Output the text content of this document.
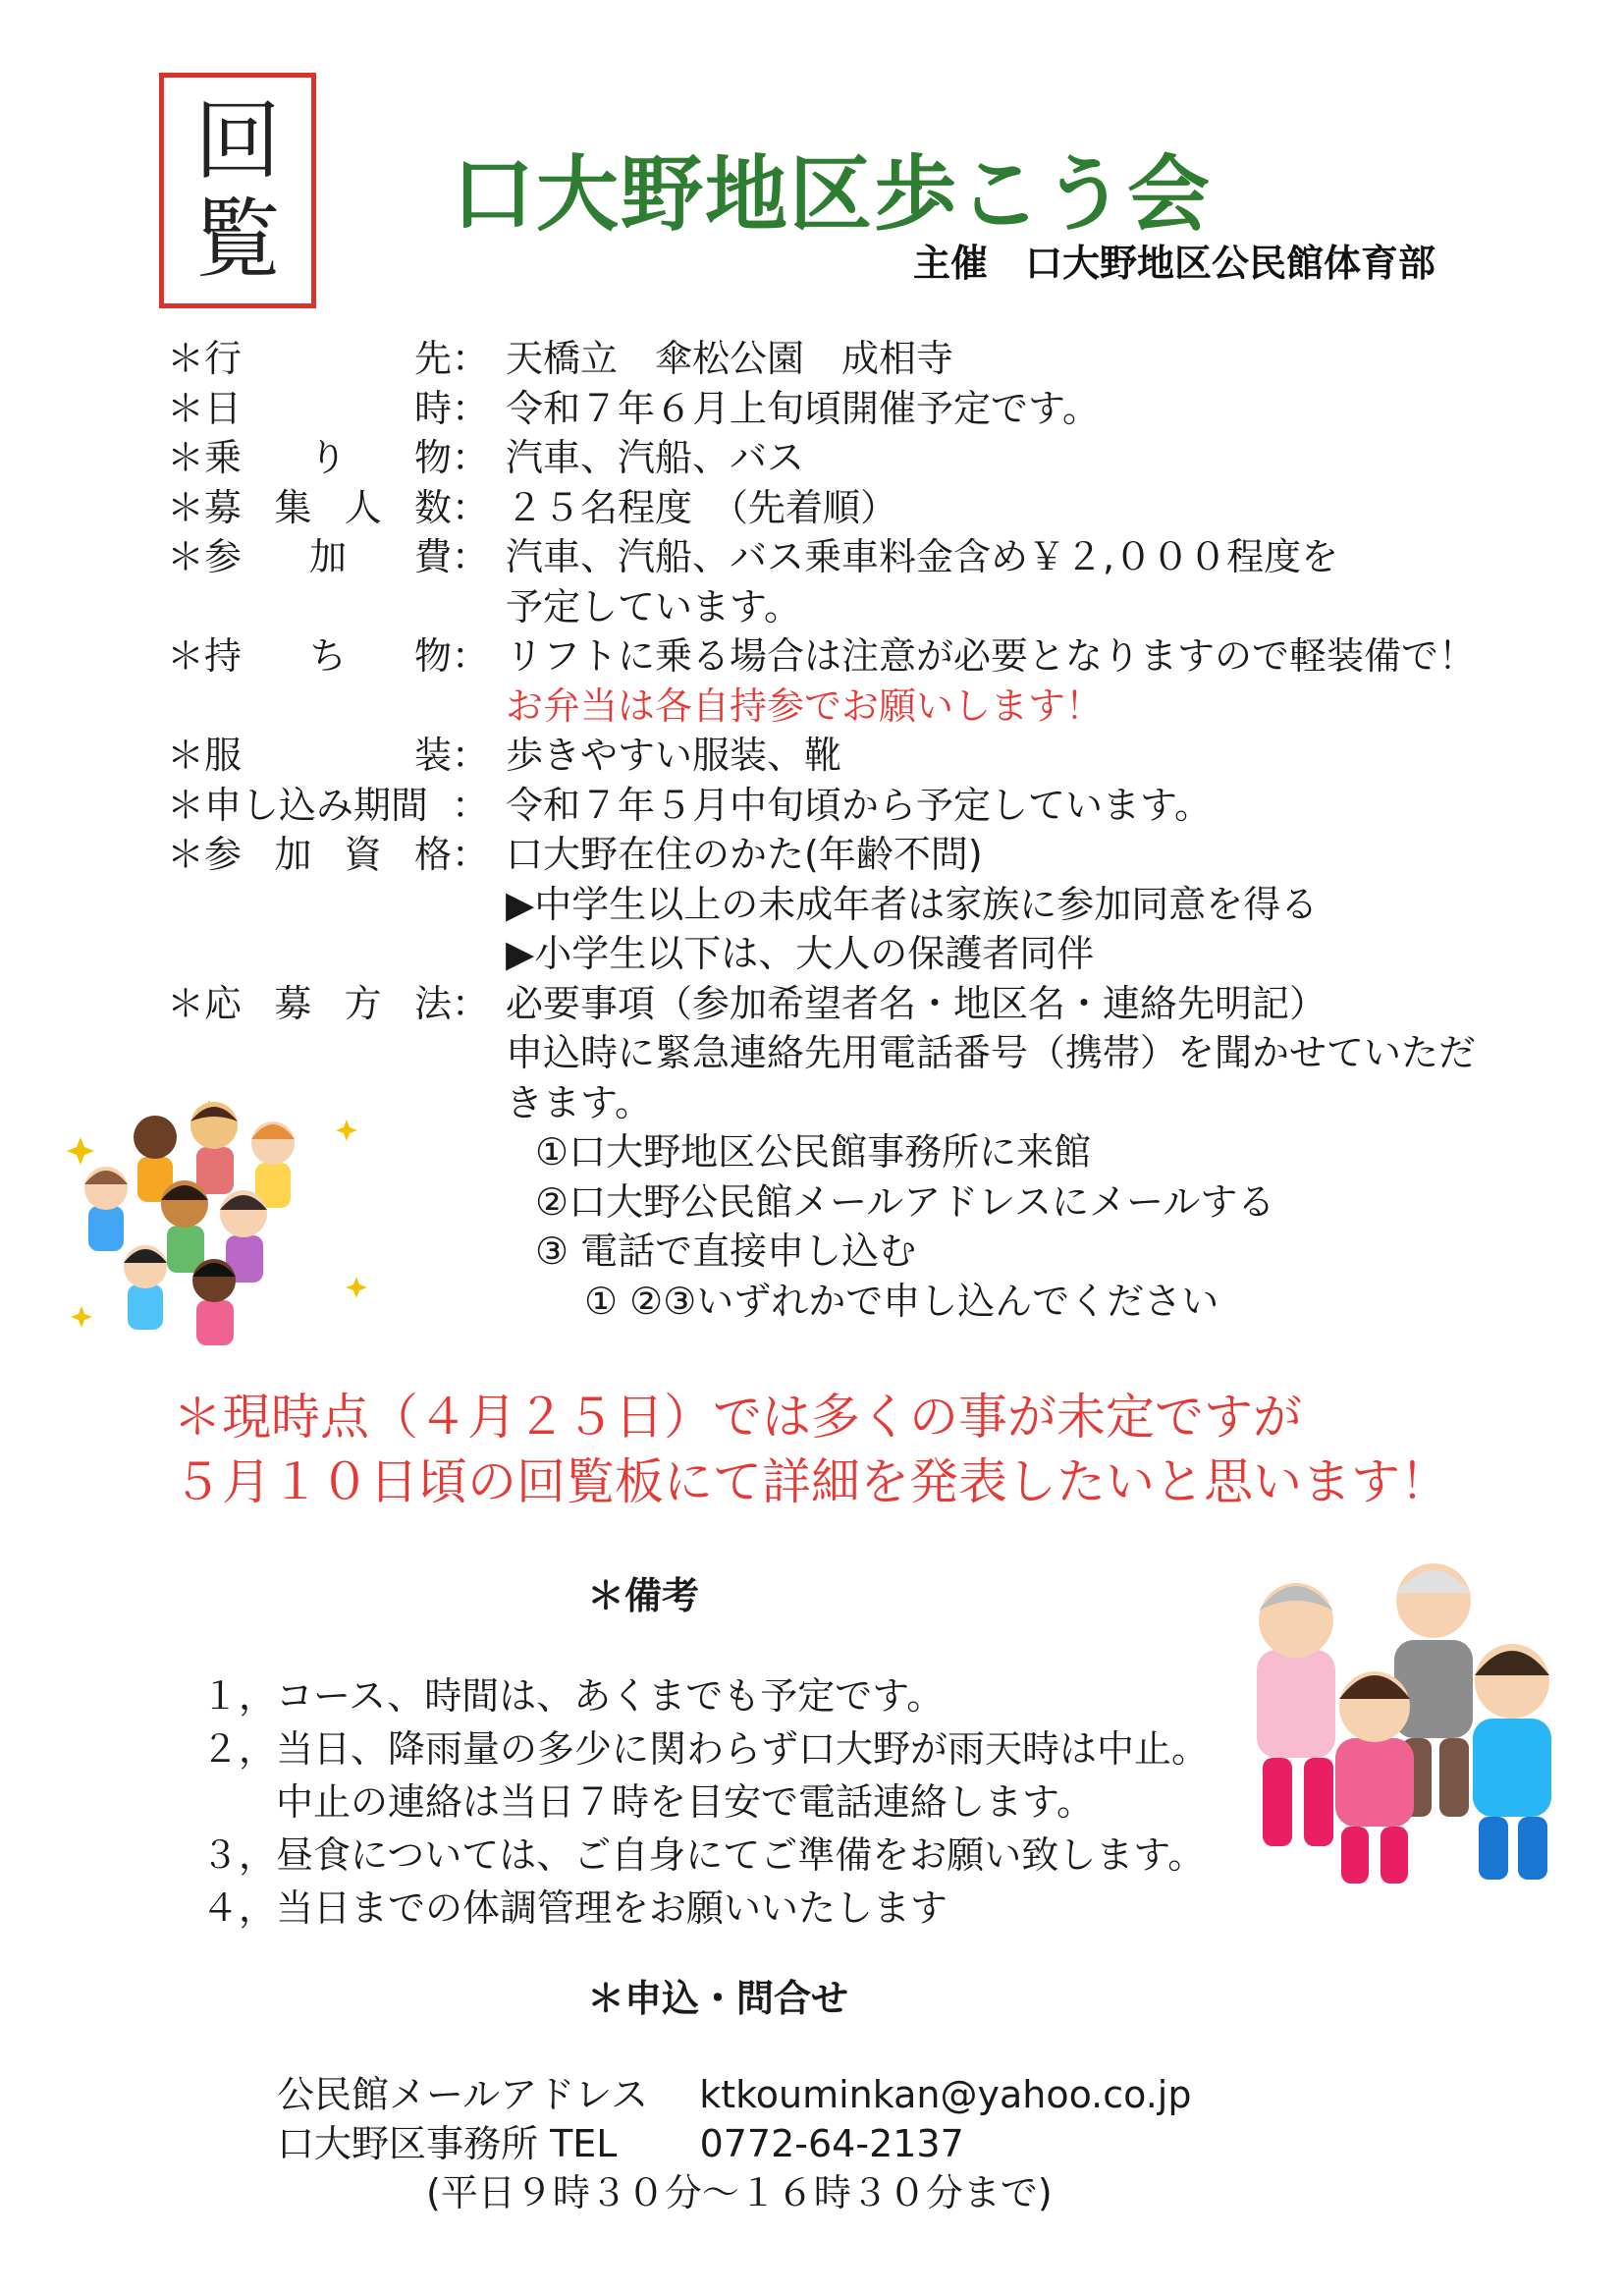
回
覧 口大野地区歩こう会
主催　口大野地区公民館体育部
＊行	先 ： 天橋立　傘松公園　成相寺
＊日	時 ： 令和７年６月上旬頃開催予定です。
＊乗 り 物 ： 汽車、汽船、バス
＊募 集 人 数 ： ２５名程度　（先着順）
＊参 加 費 ： 汽車、汽船、バス乗車料金含め￥２,０００程度を
予定しています。
＊持 ち 物 ： リフトに乗る場合は注意が必要となりますので軽装備で！
お弁当は各自持参でお願いします！
＊服	装 ： 歩きやすい服装、靴
＊申し込み期間 ： 令和７年５月中旬頃から予定しています。
＊参 加 資 格 ： 口大野在住のかた(年齢不問)
▶中学生以上の未成年者は家族に参加同意を得る
▶小学生以下は、大人の保護者同伴
＊応 募 方 法 ： 必要事項（参加希望者名・地区名・連絡先明記）
申込時に緊急連絡先用電話番号（携帯）を聞かせていただ
きます。
①口大野地区公民館事務所に来館
②口大野公民館メールアドレスにメールする
③ 電話で直接申し込む
① ②③いずれかで申し込んでください
＊現時点（４月２５日）では多くの事が未定ですが
５月１０日頃の回覧板にて詳細を発表したいと思います！
＊備考
１，コース、時間は、あくまでも予定です。
２，当日、降雨量の多少に関わらず口大野が雨天時は中止。
中止の連絡は当日７時を目安で電話連絡します。
３，昼食については、ご自身にてご準備をお願い致します。
４，当日までの体調管理をお願いいたします
＊申込・問合せ
公民館メールアドレス ktkouminkan@yahoo.co.jp
口大野区事務所 TEL 0772-64-2137
(平日９時３０分～１６時３０分まで)
